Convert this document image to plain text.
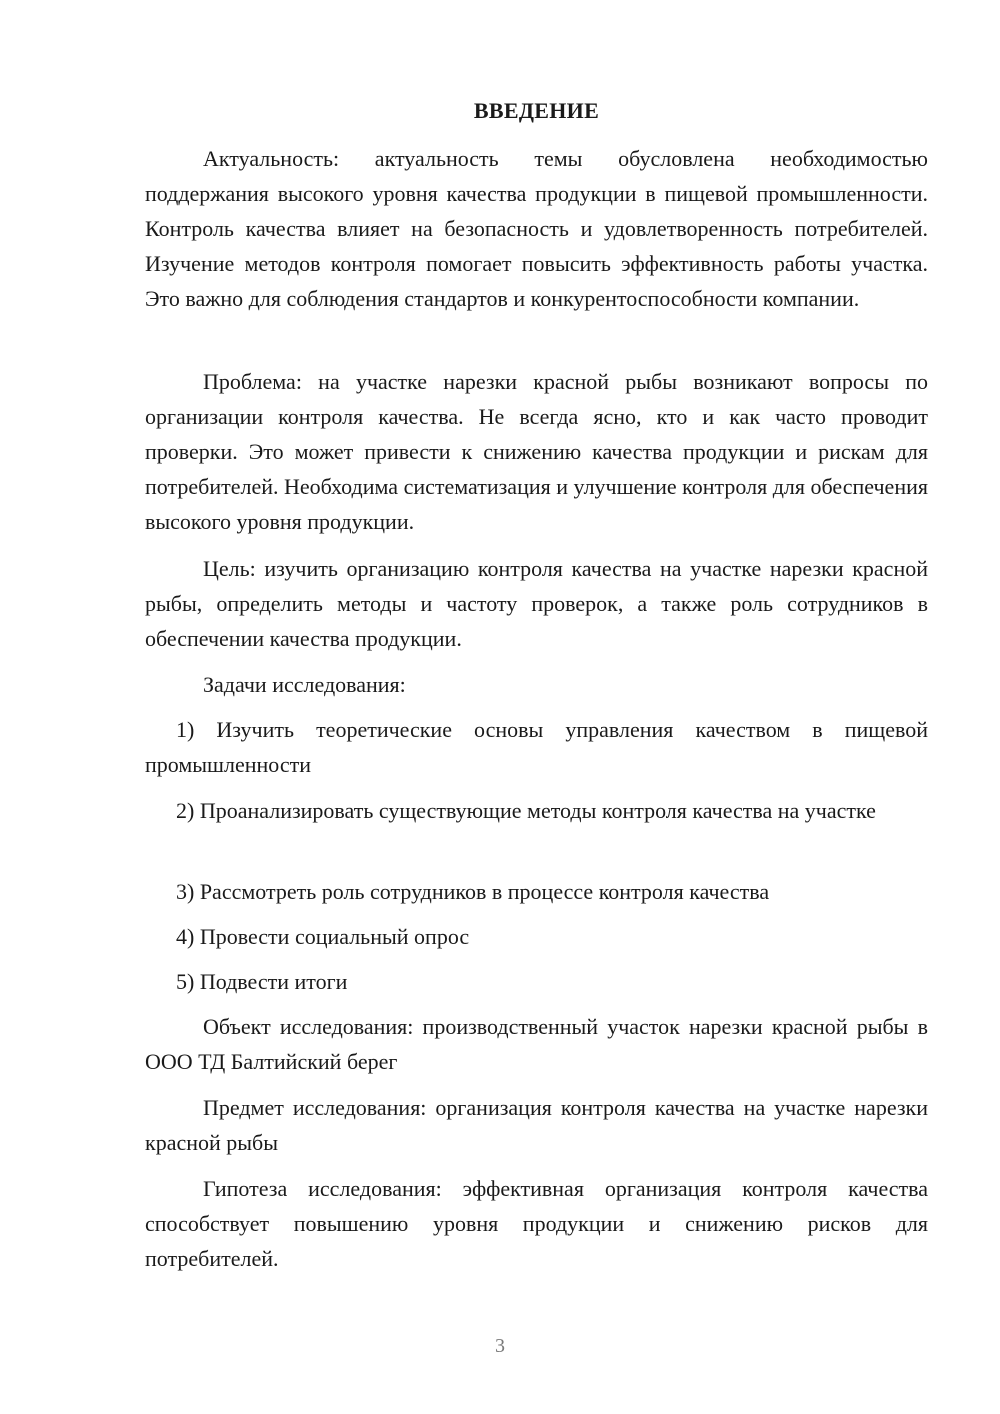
ВВЕДЕНИЕ

Актуальность: актуальность темы обусловлена необходимостью поддержания высокого уровня качества продукции в пищевой промышленности. Контроль качества влияет на безопасность и удовлетворенность потребителей. Изучение методов контроля помогает повысить эффективность работы участка. Это важно для соблюдения стандартов и конкурентоспособности компании.

Проблема: на участке нарезки красной рыбы возникают вопросы по организации контроля качества. Не всегда ясно, кто и как часто проводит проверки. Это может привести к снижению качества продукции и рискам для потребителей. Необходима систематизация и улучшение контроля для обеспечения высокого уровня продукции.

Цель: изучить организацию контроля качества на участке нарезки красной рыбы, определить методы и частоту проверок, а также роль сотрудников в обеспечении качества продукции.

Задачи исследования:

1) Изучить теоретические основы управления качеством в пищевой промышленности

2) Проанализировать существующие методы контроля качества на участке

3) Рассмотреть роль сотрудников в процессе контроля качества

4) Провести социальный опрос

5) Подвести итоги

Объект исследования: производственный участок нарезки красной рыбы в ООО ТД Балтийский берег

Предмет исследования: организация контроля качества на участке нарезки красной рыбы

Гипотеза исследования: эффективная организация контроля качества способствует повышению уровня продукции и снижению рисков для потребителей.

3
